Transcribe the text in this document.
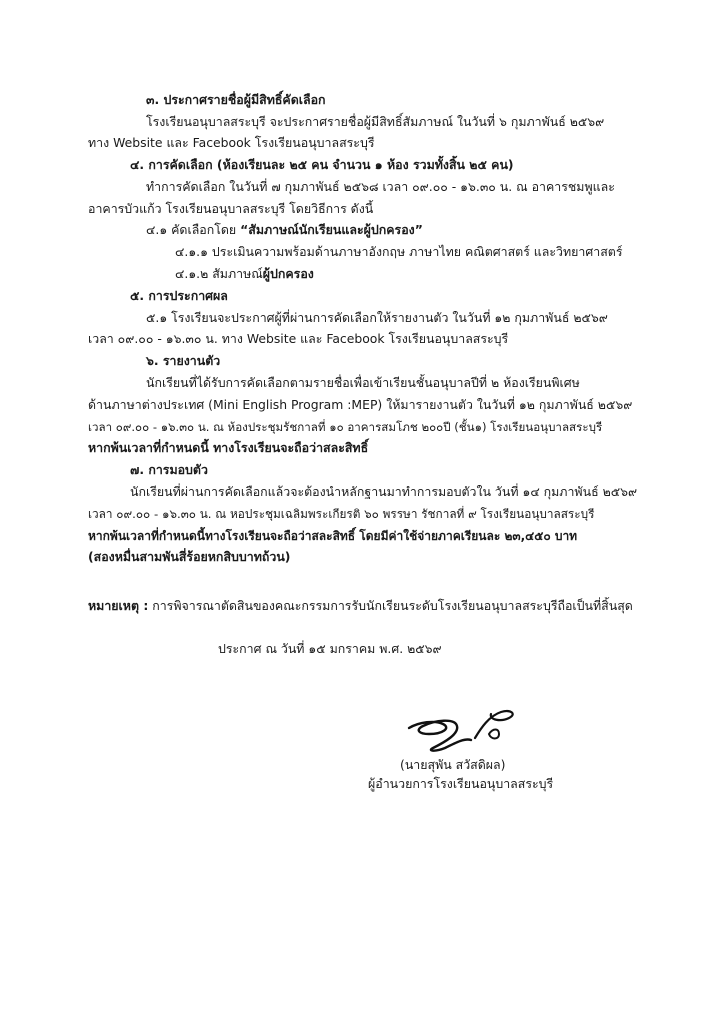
๓. ประกาศรายชื่อผู้มีสิทธิ์คัดเลือก
โรงเรียนอนุบาลสระบุรี จะประกาศรายชื่อผู้มีสิทธิ์สัมภาษณ์ ในวันที่ ๖ กุมภาพันธ์ ๒๕๖๙
ทาง Website และ Facebook โรงเรียนอนุบาลสระบุรี
๔. การคัดเลือก (ห้องเรียนละ ๒๕ คน จำนวน ๑ ห้อง รวมทั้งสิ้น ๒๕ คน)
ทำการคัดเลือก ในวันที่ ๗ กุมภาพันธ์ ๒๕๖๘ เวลา ๐๙.๐๐ - ๑๖.๓๐ น. ณ อาคารชมพูและ
อาคารบัวแก้ว โรงเรียนอนุบาลสระบุรี โดยวิธีการ ดังนี้
๔.๑ คัดเลือกโดย “สัมภาษณ์นักเรียนและผู้ปกครอง”
๔.๑.๑ ประเมินความพร้อมด้านภาษาอังกฤษ ภาษาไทย คณิตศาสตร์ และวิทยาศาสตร์
๔.๑.๒ สัมภาษณ์ผู้ปกครอง
๕. การประกาศผล
๕.๑ โรงเรียนจะประกาศผู้ที่ผ่านการคัดเลือกให้รายงานตัว ในวันที่ ๑๒ กุมภาพันธ์ ๒๕๖๙
เวลา ๐๙.๐๐ - ๑๖.๓๐ น. ทาง Website และ Facebook โรงเรียนอนุบาลสระบุรี
๖. รายงานตัว
นักเรียนที่ได้รับการคัดเลือกตามรายชื่อเพื่อเข้าเรียนชั้นอนุบาลปีที่ ๒ ห้องเรียนพิเศษ
ด้านภาษาต่างประเทศ (Mini English Program :MEP) ให้มารายงานตัว ในวันที่ ๑๒ กุมภาพันธ์ ๒๕๖๙
เวลา ๐๙.๐๐ - ๑๖.๓๐ น. ณ ห้องประชุมรัชกาลที่ ๑๐ อาคารสมโภช ๒๐๐ปี (ชั้น๑) โรงเรียนอนุบาลสระบุรี
หากพ้นเวลาที่กำหนดนี้ ทางโรงเรียนจะถือว่าสละสิทธิ์
๗. การมอบตัว
นักเรียนที่ผ่านการคัดเลือกแล้วจะต้องนำหลักฐานมาทำการมอบตัวใน วันที่ ๑๔ กุมภาพันธ์ ๒๕๖๙
เวลา ๐๙.๐๐ - ๑๖.๓๐ น. ณ หอประชุมเฉลิมพระเกียรติ ๖๐ พรรษา รัชกาลที่ ๙ โรงเรียนอนุบาลสระบุรี
หากพ้นเวลาที่กำหนดนี้ทางโรงเรียนจะถือว่าสละสิทธิ์ โดยมีค่าใช้จ่ายภาคเรียนละ ๒๓,๔๕๐ บาท
(สองหมื่นสามพันสี่ร้อยหกสิบบาทถ้วน)
หมายเหตุ : การพิจารณาตัดสินของคณะกรรมการรับนักเรียนระดับโรงเรียนอนุบาลสระบุรีถือเป็นที่สิ้นสุด
ประกาศ ณ วันที่ ๑๕ มกราคม พ.ศ. ๒๕๖๙
(นายสุพัน สวัสดิผล)
ผู้อำนวยการโรงเรียนอนุบาลสระบุรี
